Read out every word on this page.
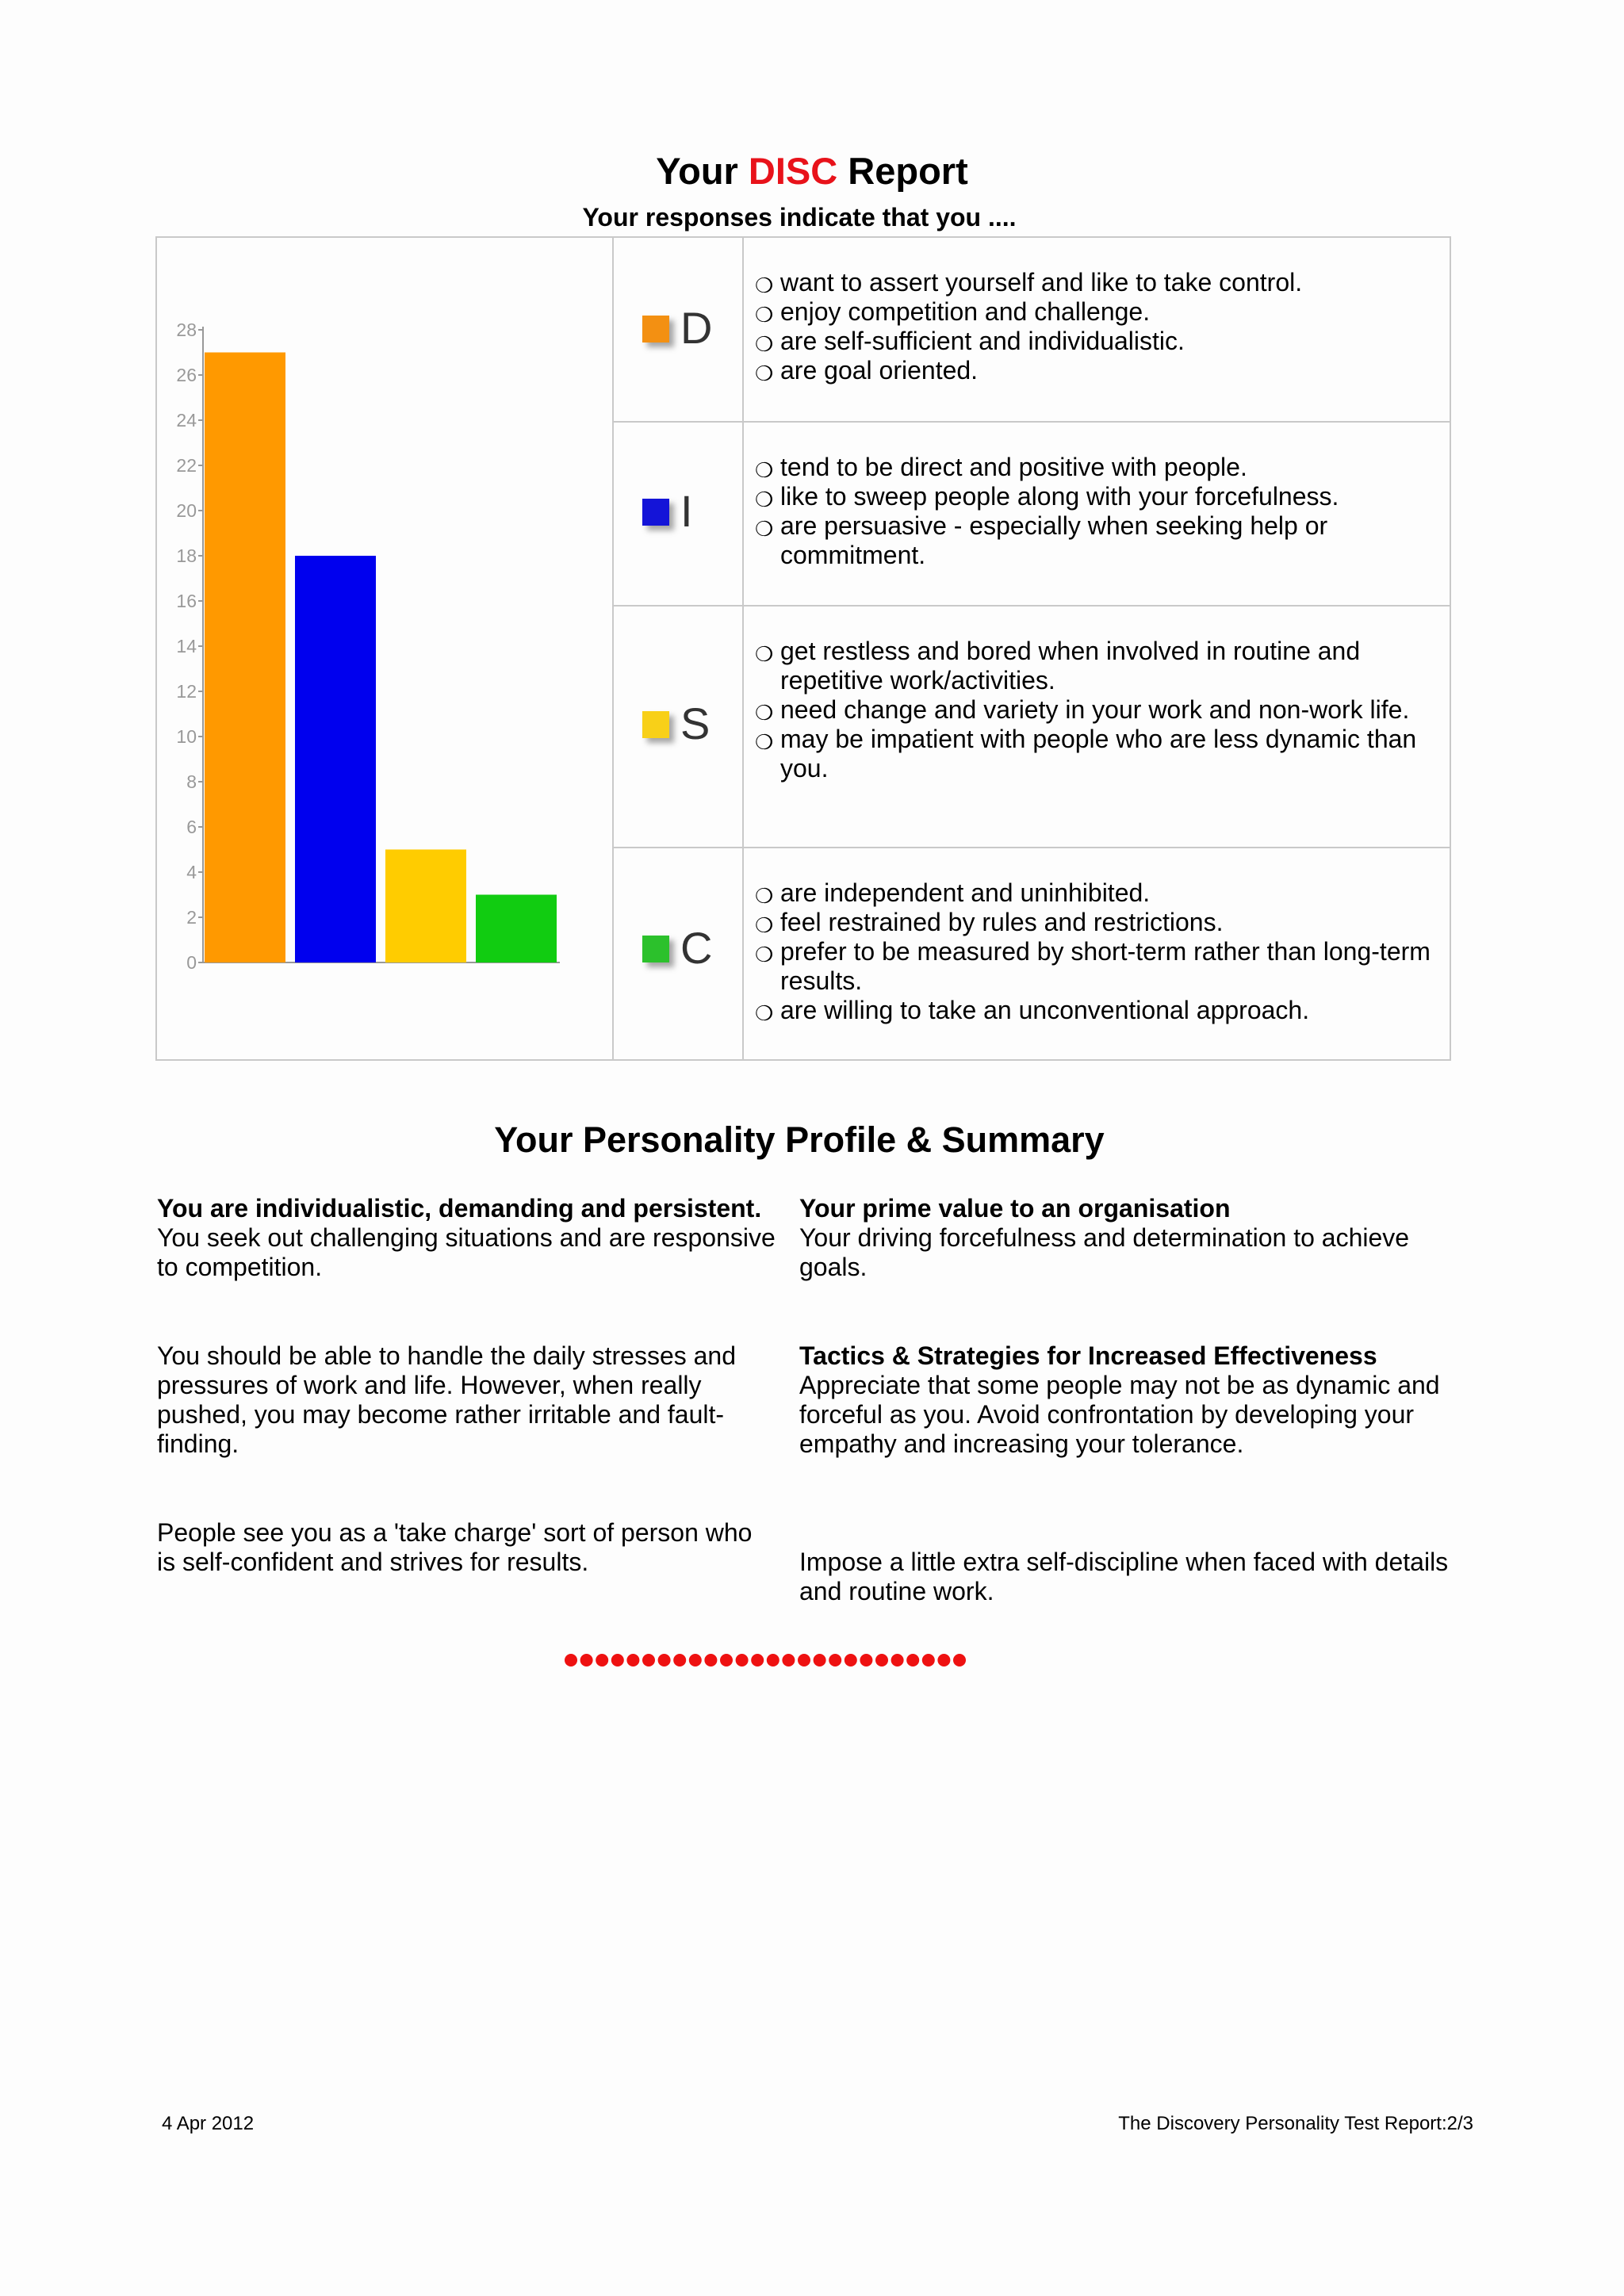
Your DISC Report
Your responses indicate that you ....
0
2
4
6
8
10
12
14
16
18
20
22
24
26
28	D
want to assert yourself and like to take control.
❍
enjoy competition and challenge.
❍
are self-sufficient and individualistic.
❍
are goal oriented.
❍
I
tend to be direct and positive with people.
❍
like to sweep people along with your forcefulness.
❍
are persuasive - especially when seeking help or commitment.
❍
S
get restless and bored when involved in routine and repetitive work/activities.
❍
need change and variety in your work and non-work life.
❍
may be impatient with people who are less dynamic than you.
❍
C
are independent and uninhibited.
❍
feel restrained by rules and restrictions.
❍
prefer to be measured by short-term rather than long-term results.
❍
are willing to take an unconventional approach.
❍
Your Personality Profile & Summary

You are individualistic, demanding and persistent. You seek out challenging situations and are responsive to competition.

You should be able to handle the daily stresses and pressures of work and life. However, when really pushed, you may become rather irritable and fault-finding.
People see you as a 'take charge' sort of person who is self-confident and strives for results.

Your prime value to an organisation

Your driving forcefulness and determination to achieve goals.

Tactics & Strategies for Increased Effectiveness

Appreciate that some people may not be as dynamic and forceful as you. Avoid confrontation by developing your empathy and increasing your tolerance.

Impose a little extra self-discipline when faced with details and routine work.
4 Apr 2012	The Discovery Personality Test Report:2/3
